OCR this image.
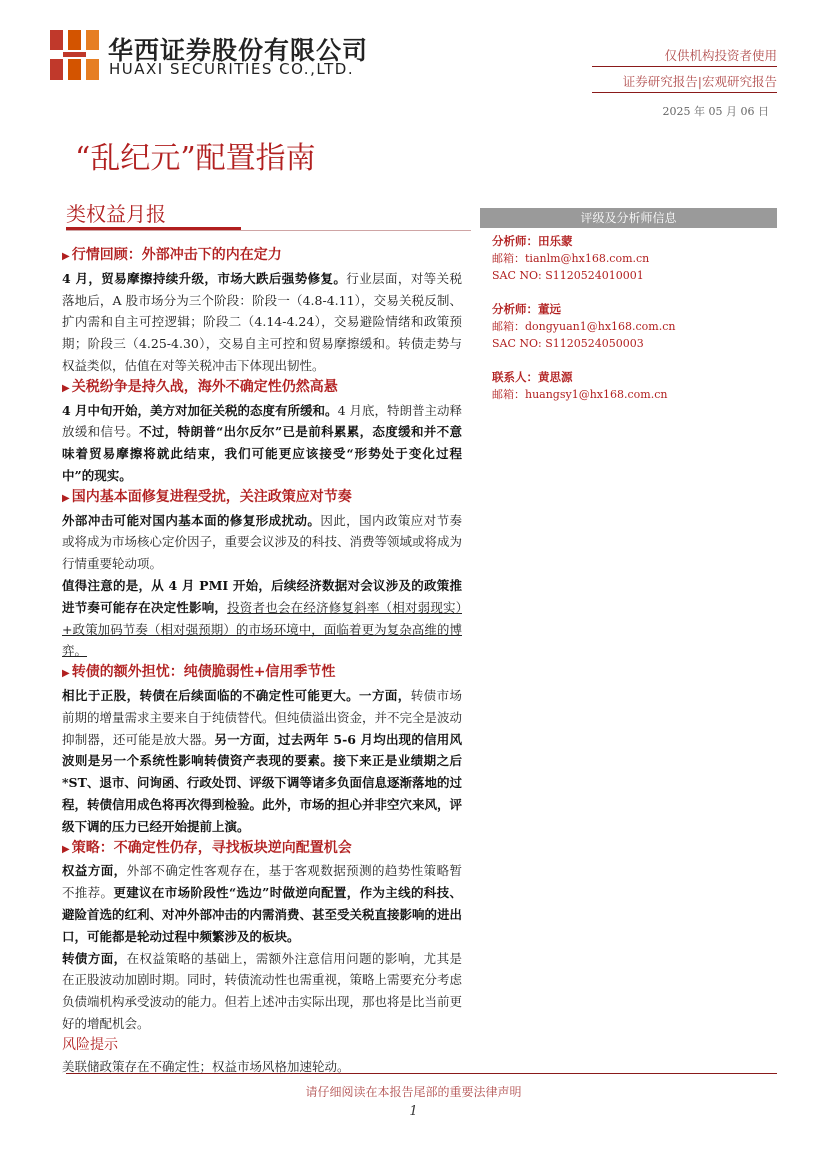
华西证券股份有限公司
HUAXI SECURITIES CO.,LTD.
仅供机构投资者使用
证券研究报告|宏观研究报告
2025 年 05 月 06 日
“乱纪元”配置指南
类权益月报

▶ 行情回顾：外部冲击下的内在定力

4 月，贸易摩擦持续升级，市场大跌后强势修复。行业层面，对等关税落地后，A 股市场分为三个阶段：阶段一（4.8-4.11），交易关税反制、扩内需和自主可控逻辑；阶段二（4.14-4.24），交易避险情绪和政策预期；阶段三（4.25-4.30），交易自主可控和贸易摩擦缓和。转债走势与权益类似，估值在对等关税冲击下体现出韧性。

▶ 关税纷争是持久战，海外不确定性仍然高悬

4 月中旬开始，美方对加征关税的态度有所缓和。4 月底，特朗普主动释放缓和信号。不过，特朗普“出尔反尔”已是前科累累，态度缓和并不意味着贸易摩擦将就此结束，我们可能更应该接受“形势处于变化过程中”的现实。

▶ 国内基本面修复进程受扰，关注政策应对节奏

外部冲击可能对国内基本面的修复形成扰动。因此，国内政策应对节奏或将成为市场核心定价因子，重要会议涉及的科技、消费等领域或将成为行情重要轮动项。

值得注意的是，从 4 月 PMI 开始，后续经济数据对会议涉及的政策推进节奏可能存在决定性影响，投资者也会在经济修复斜率（相对弱现实）+政策加码节奏（相对强预期）的市场环境中，面临着更为复杂高维的博弈。

▶ 转债的额外担忧：纯债脆弱性+信用季节性

相比于正股，转债在后续面临的不确定性可能更大。一方面，转债市场前期的增量需求主要来自于纯债替代。但纯债溢出资金，并不完全是波动抑制器，还可能是放大器。另一方面，过去两年 5-6 月均出现的信用风波则是另一个系统性影响转债资产表现的要素。接下来正是业绩期之后*ST、退市、问询函、行政处罚、评级下调等诸多负面信息逐渐落地的过程，转债信用成色将再次得到检验。此外，市场的担心并非空穴来风，评级下调的压力已经开始提前上演。

▶ 策略：不确定性仍存，寻找板块逆向配置机会

权益方面，外部不确定性客观存在，基于客观数据预测的趋势性策略暂不推荐。更建议在市场阶段性“选边”时做逆向配置，作为主线的科技、避险首选的红利、对冲外部冲击的内需消费、甚至受关税直接影响的进出口，可能都是轮动过程中频繁涉及的板块。

转债方面，在权益策略的基础上，需额外注意信用问题的影响，尤其是在正股波动加剧时期。同时，转债流动性也需重视，策略上需要充分考虑负债端机构承受波动的能力。但若上述冲击实际出现，那也将是比当前更好的增配机会。

风险提示

美联储政策存在不确定性；权益市场风格加速轮动。

评级及分析师信息
分析师：田乐蒙
邮箱：tianlm@hx168.com.cn
SAC NO: S1120524010001
分析师：董远
邮箱：dongyuan1@hx168.com.cn
SAC NO: S1120524050003
联系人：黄思源
邮箱：huangsy1@hx168.com.cn
请仔细阅读在本报告尾部的重要法律声明
1
